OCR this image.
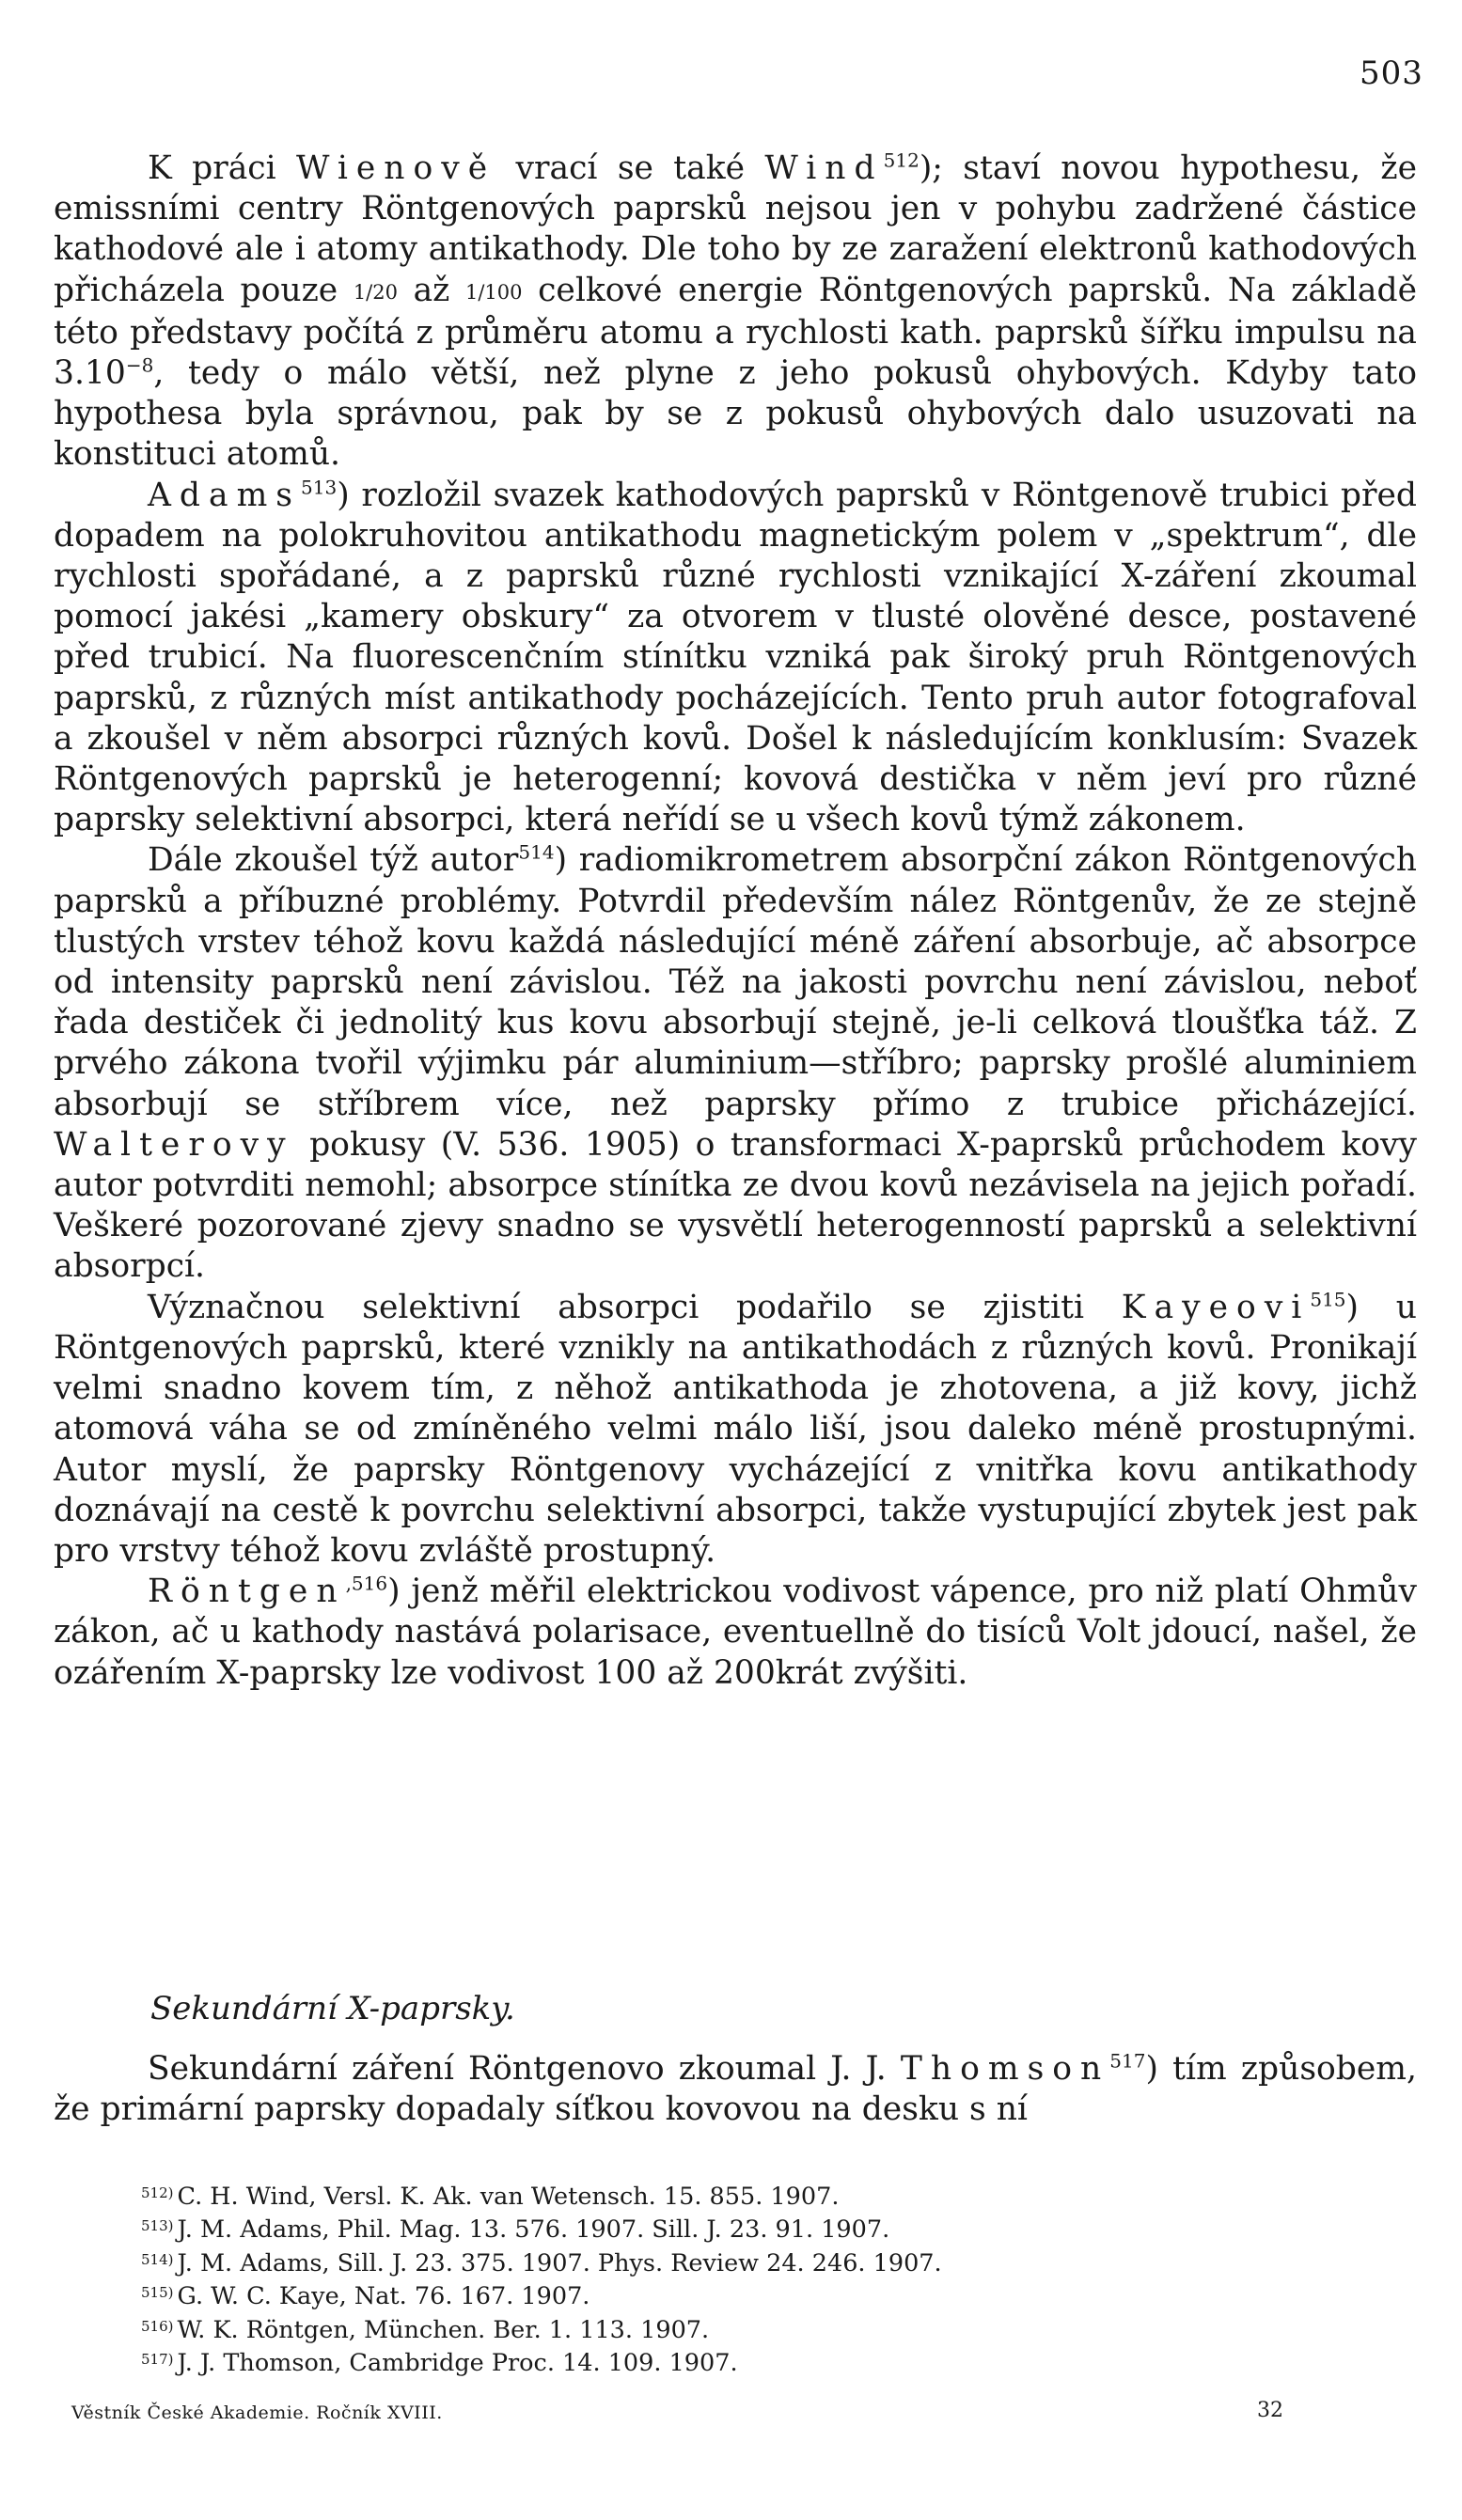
503

K práci Wienově vrací se také Wind$^{512}$); staví novou hypothesu, že emissními centry Röntgenových paprsků nejsou jen v pohybu zadržené částice kathodové ale i atomy antikathody. Dle toho by ze zaražení elektronů kathodových přicházela pouze 1/20 až 1/100 celkové energie Röntgenových paprsků. Na základě této představy počítá z průměru atomu a rychlosti kath. paprsků šířku impulsu na 3.10$^{-8}$, tedy o málo větší, než plyne z jeho pokusů ohybových. Kdyby tato hypothesa byla správnou, pak by se z pokusů ohybových dalo usuzovati na konstituci atomů.

Adams$^{513}$) rozložil svazek kathodových paprsků v Röntgenově trubici před dopadem na polokruhovitou antikathodu magnetickým polem v „spektrum“, dle rychlosti spořádané, a z paprsků různé rychlosti vznikající X-záření zkoumal pomocí jakési „kamery obskury“ za otvorem v tlusté olověné desce, postavené před trubicí. Na fluorescenčním stínítku vzniká pak široký pruh Röntgenových paprsků, z různých míst antikathody pocházejících. Tento pruh autor fotografoval a zkoušel v něm absorpci různých kovů. Došel k následujícím konklusím: Svazek Röntgenových paprsků je heterogenní; kovová destička v něm jeví pro různé paprsky selektivní absorpci, která neřídí se u všech kovů týmž zákonem.

Dále zkoušel týž autor$^{514}$) radiomikrometrem absorpční zákon Röntgenových paprsků a příbuzné problémy. Potvrdil především nález Röntgenův, že ze stejně tlustých vrstev téhož kovu každá následující méně záření absorbuje, ač absorpce od intensity paprsků není závislou. Též na jakosti povrchu není závislou, neboť řada destiček či jednolitý kus kovu absorbují stejně, je-li celková tloušťka táž. Z prvého zákona tvořil výjimku pár aluminium—stříbro; paprsky prošlé aluminiem absorbují se stříbrem více, než paprsky přímo z trubice přicházející. Walterovy pokusy (V. 536. 1905) o transformaci X-paprsků průchodem kovy autor potvrditi nemohl; absorpce stínítka ze dvou kovů nezávisela na jejich pořadí. Veškeré pozorované zjevy snadno se vysvětlí heterogenností paprsků a selektivní absorpcí.

Význačnou selektivní absorpci podařilo se zjistiti Kayeovi$^{515}$) u Röntgenových paprsků, které vznikly na antikathodách z různých kovů. Pronikají velmi snadno kovem tím, z něhož antikathoda je zhotovena, a již kovy, jichž atomová váha se od zmíněného velmi málo liší, jsou daleko méně prostupnými. Autor myslí, že paprsky Röntgenovy vycházející z vnitřka kovu antikathody doznávají na cestě k povrchu selektivní absorpci, takže vystupující zbytek jest pak pro vrstvy téhož kovu zvláště prostupný.

Röntgen$^{,516}$) jenž měřil elektrickou vodivost vápence, pro niž platí Ohmův zákon, ač u kathody nastává polarisace, eventuellně do tisíců Volt jdoucí, našel, že ozářením X-paprsky lze vodivost 100 až 200krát zvýšiti.

Sekundární X-paprsky.

Sekundární záření Röntgenovo zkoumal J. J. Thomson$^{517}$) tím způsobem, že primární paprsky dopadaly síťkou kovovou na desku s ní

$^{512)}$ C. H. Wind, Versl. K. Ak. van Wetensch. 15. 855. 1907.
$^{513)}$ J. M. Adams, Phil. Mag. 13. 576. 1907. Sill. J. 23. 91. 1907.
$^{514)}$ J. M. Adams, Sill. J. 23. 375. 1907. Phys. Review 24. 246. 1907.
$^{515)}$ G. W. C. Kaye, Nat. 76. 167. 1907.
$^{516)}$ W. K. Röntgen, München. Ber. 1. 113. 1907.
$^{517)}$ J. J. Thomson, Cambridge Proc. 14. 109. 1907.
Věstník České Akademie. Ročník XVIII.	32
